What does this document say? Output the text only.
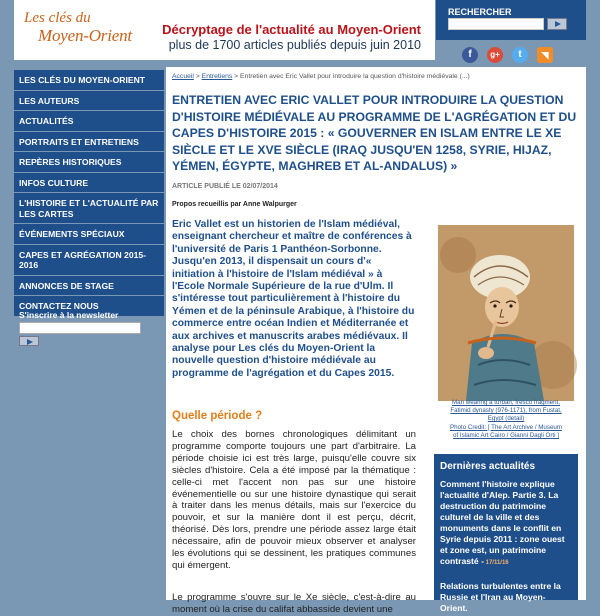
Les clés du
Moyen-Orient Décryptage de l'actualité au Moyen-Orient
plus de 1700 articles publiés depuis juin 2010
RECHERCHER
f	g+	t	◥
LES CLÉS DU MOYEN-ORIENT
LES AUTEURS
ACTUALITÉS
PORTRAITS ET ENTRETIENS
REPÈRES HISTORIQUES
INFOS CULTURE
L'HISTOIRE ET L'ACTUALITÉ PAR LES CARTES
ÉVÉNEMENTS SPÉCIAUX
CAPES ET AGRÉGATION 2015-2016
ANNONCES DE STAGE
CONTACTEZ NOUS
S'inscrire à la newsletter
Accueil > Entretiens > Entretien avec Eric Vallet pour introduire la question d'histoire médiévale (...)
ENTRETIEN AVEC ERIC VALLET POUR INTRODUIRE LA QUESTION D'HISTOIRE MÉDIÉVALE AU PROGRAMME DE L'AGRÉGATION ET DU CAPES D'HISTOIRE 2015 : « GOUVERNER EN ISLAM ENTRE LE XE SIÈCLE ET LE XVE SIÈCLE (IRAQ JUSQU'EN 1258, SYRIE, HIJAZ, YÉMEN, ÉGYPTE, MAGHREB ET AL-ANDALUS) »
ARTICLE PUBLIÉ LE 02/07/2014
Propos recueillis par Anne Walpurger

Eric Vallet est un historien de l'Islam médiéval, enseignant chercheur et maître de conférences à l'université de Paris 1 Panthéon-Sorbonne. Jusqu'en 2013, il dispensait un cours d'« initiation à l'histoire de l'Islam médiéval » à l'Ecole Normale Supérieure de la rue d'Ulm. Il s'intéresse tout particulièrement à l'histoire du Yémen et de la péninsule Arabique, à l'histoire du commerce entre océan Indien et Méditerranée et aux archives et manuscrits arabes médiévaux. Il analyse pour Les clés du Moyen-Orient la nouvelle question d'histoire médiévale au programme de l'agrégation et du Capes 2015.

Man wearing a turban, fresco fragment,
Fatimid dynasty (976-1171), from Fustat,
Egypt (detail)
Photo Credit: [ The Art Archive / Museum
of Islamic Art Cairo / Gianni Dagli Orti ]
Quelle période ?

Le choix des bornes chronologiques délimitant un programme comporte toujours une part d'arbitraire. La période choisie ici est très large, puisqu'elle couvre six siècles d'histoire. Cela a été imposé par la thématique : celle-ci met l'accent non pas sur une histoire événementielle ou sur une histoire dynastique qui serait à traiter dans les menus détails, mais sur l'exercice du pouvoir, et sur la manière dont il est perçu, décrit, théorisé. Dès lors, prendre une période assez large était nécessaire, afin de pouvoir mieux observer et analyser les évolutions qui se dessinent, les pratiques communes qui émergent.

Le programme s'ouvre sur le Xe siècle, c'est-à-dire au moment où la crise du califat abbasside devient une

Dernières actualités
Comment l'histoire explique l'actualité d'Alep. Partie 3. La destruction du patrimoine culturel de la ville et des monuments dans le conflit en Syrie depuis 2011 : zone ouest et zone est, un patrimoine contrasté - 17/11/16
Relations turbulentes entre la Russie et l'Iran au Moyen-Orient.
